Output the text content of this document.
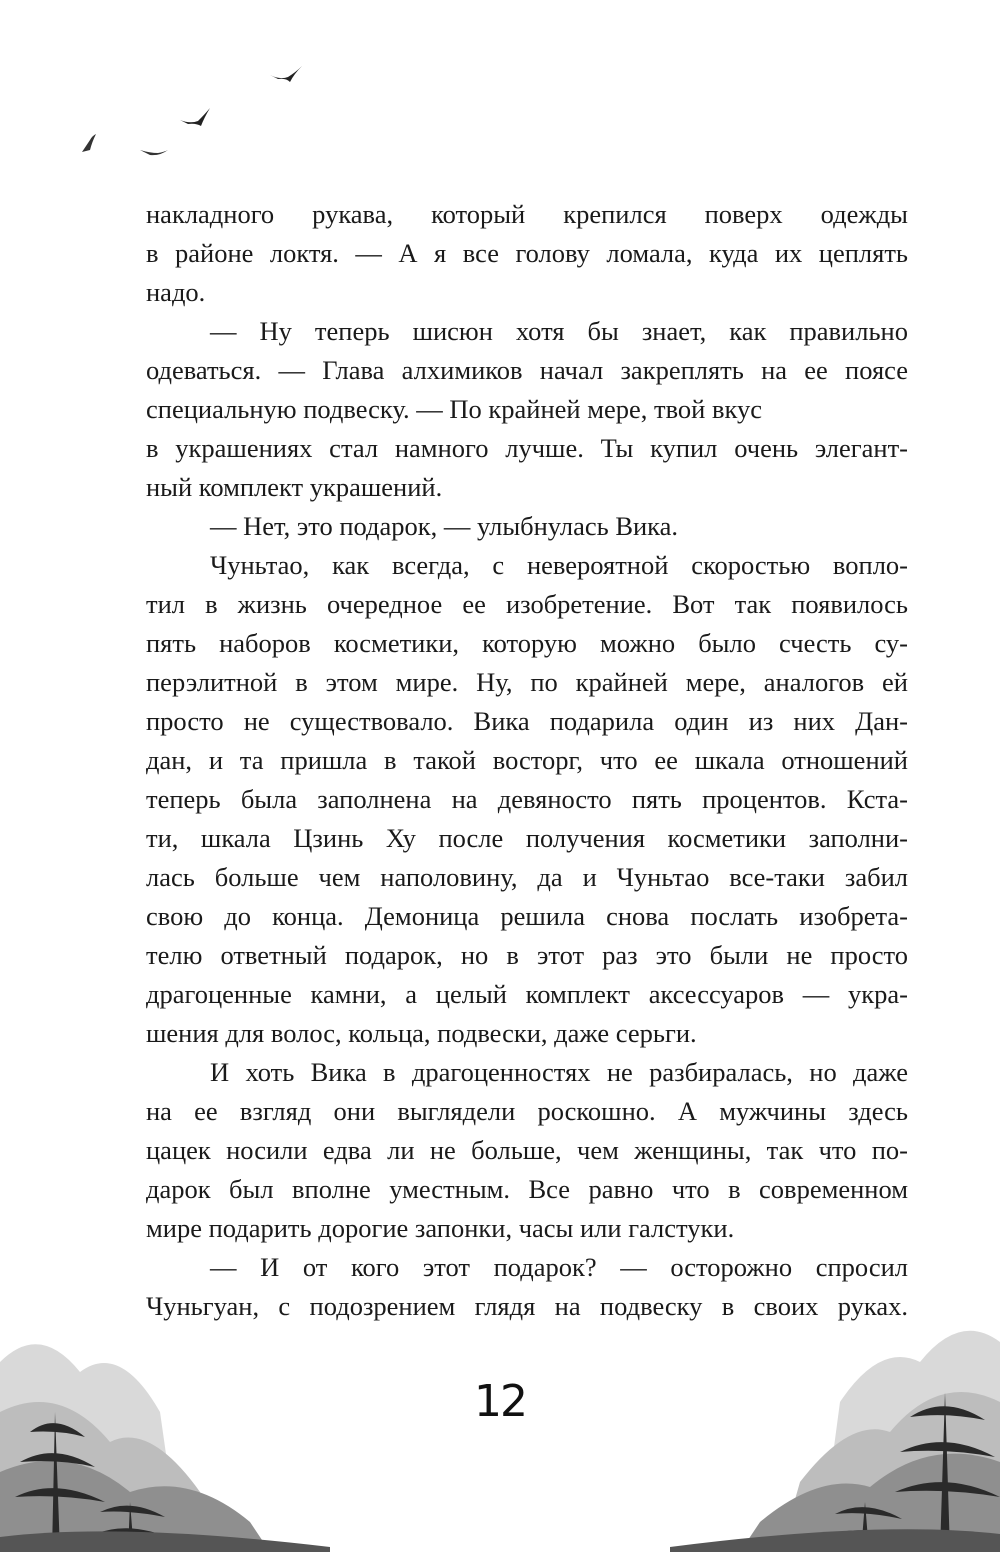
накладного рукава, который крепился поверх одежды
в районе локтя. — А я все голову ломала, куда их цеплять
надо.
— Ну теперь шисюн хотя бы знает, как правильно
одеваться. — Глава алхимиков начал закреплять на ее поясе
специальную подвеску. — По крайней мере, твой вкус
в украшениях стал намного лучше. Ты купил очень элегант-
ный комплект украшений.
— Нет, это подарок, — улыбнулась Вика.
Чуньтао, как всегда, с невероятной скоростью вопло-
тил в жизнь очередное ее изобретение. Вот так появилось
пять наборов косметики, которую можно было счесть су-
перэлитной в этом мире. Ну, по крайней мере, аналогов ей
просто не существовало. Вика подарила один из них Дан-
дан, и та пришла в такой восторг, что ее шкала отношений
теперь была заполнена на девяносто пять процентов. Кста-
ти, шкала Цзинь Ху после получения косметики заполни-
лась больше чем наполовину, да и Чуньтао все-таки забил
свою до конца. Демоница решила снова послать изобрета-
телю ответный подарок, но в этот раз это были не просто
драгоценные камни, а целый комплект аксессуаров — укра-
шения для волос, кольца, подвески, даже серьги.
И хоть Вика в драгоценностях не разбиралась, но даже
на ее взгляд они выглядели роскошно. А мужчины здесь
цацек носили едва ли не больше, чем женщины, так что по-
дарок был вполне уместным. Все равно что в современном
мире подарить дорогие запонки, часы или галстуки.
— И от кого этот подарок? — осторожно спросил
Чуньгуан, с подозрением глядя на подвеску в своих руках.
12
